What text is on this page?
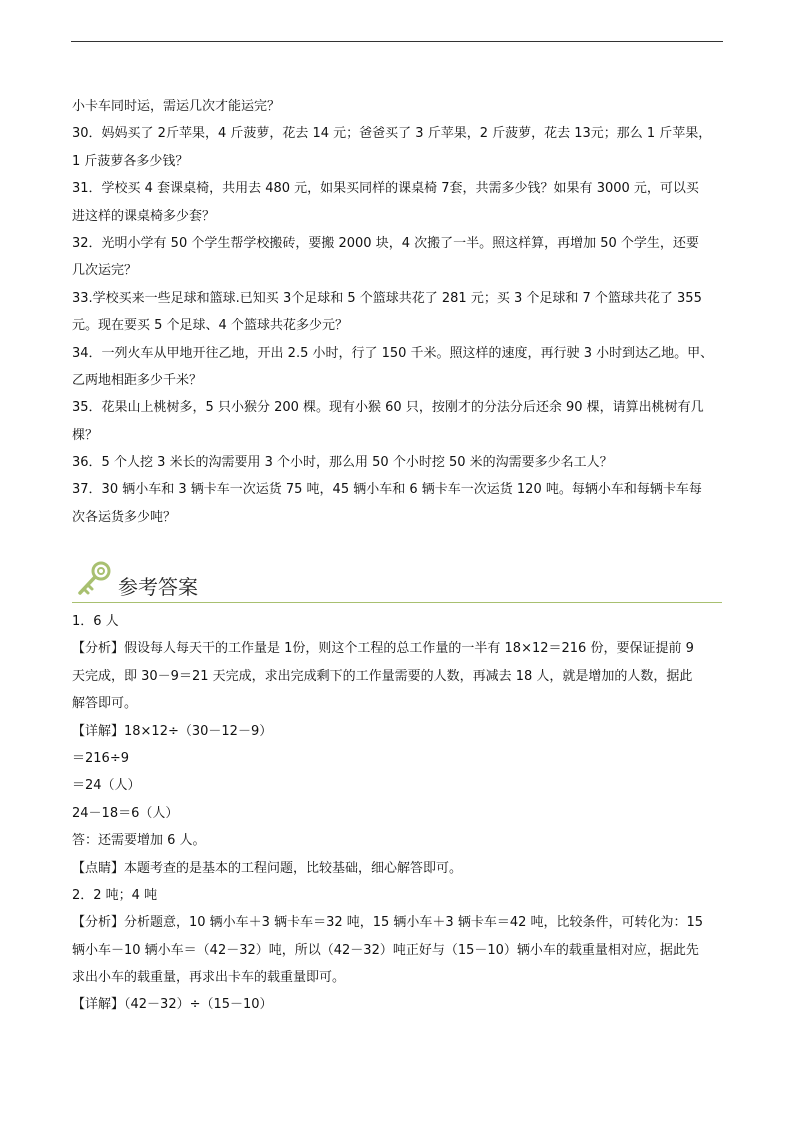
小卡车同时运，需运几次才能运完？
30．妈妈买了 2斤苹果，4 斤菠萝，花去 14 元；爸爸买了 3 斤苹果，2 斤菠萝，花去 13元；那么 1 斤苹果，
1 斤菠萝各多少钱？
31．学校买 4 套课桌椅，共用去 480 元，如果买同样的课桌椅 7套，共需多少钱？如果有 3000 元，可以买
进这样的课桌椅多少套？
32．光明小学有 50 个学生帮学校搬砖，要搬 2000 块，4 次搬了一半。照这样算，再增加 50 个学生，还要
几次运完？
33.学校买来一些足球和篮球.已知买 3个足球和 5 个篮球共花了 281 元；买 3 个足球和 7 个篮球共花了 355
元。现在要买 5 个足球、4 个篮球共花多少元？
34．一列火车从甲地开往乙地，开出 2.5 小时，行了 150 千米。照这样的速度，再行驶 3 小时到达乙地。甲、
乙两地相距多少千米？
35．花果山上桃树多，5 只小猴分 200 棵。现有小猴 60 只，按刚才的分法分后还余 90 棵，请算出桃树有几
棵？
36．5 个人挖 3 米长的沟需要用 3 个小时，那么用 50 个小时挖 50 米的沟需要多少名工人？
37．30 辆小车和 3 辆卡车一次运货 75 吨，45 辆小车和 6 辆卡车一次运货 120 吨。每辆小车和每辆卡车每
次各运货多少吨？
参考答案
1．6 人
【分析】假设每人每天干的工作量是 1份，则这个工程的总工作量的一半有 18×12＝216 份，要保证提前 9
天完成，即 30－9＝21 天完成，求出完成剩下的工作量需要的人数，再减去 18 人，就是增加的人数，据此
解答即可。
【详解】18×12÷（30－12－9）
＝216÷9
＝24（人）
24－18＝6（人）
答：还需要增加 6 人。
【点睛】本题考查的是基本的工程问题，比较基础，细心解答即可。
2．2 吨；4 吨
【分析】分析题意，10 辆小车＋3 辆卡车＝32 吨，15 辆小车＋3 辆卡车＝42 吨，比较条件，可转化为：15
辆小车－10 辆小车＝（42－32）吨，所以（42－32）吨正好与（15－10）辆小车的载重量相对应，据此先
求出小车的载重量，再求出卡车的载重量即可。
【详解】（42－32）÷（15－10）
